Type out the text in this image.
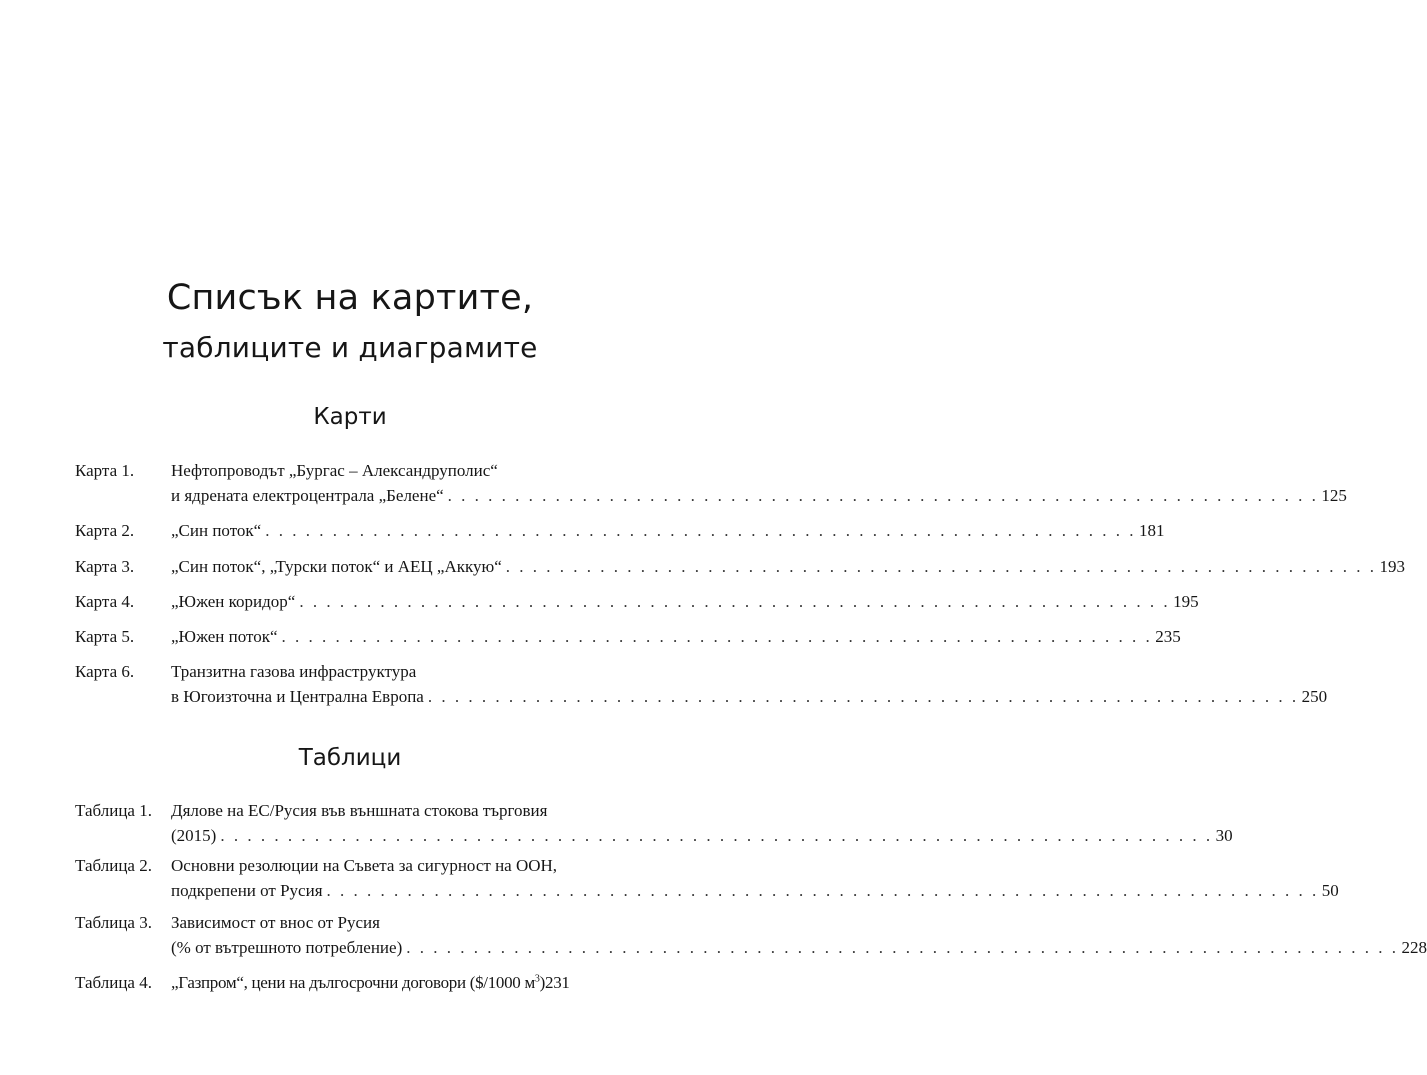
Списък на картите,
таблиците и диаграмите
Карти
Карта 1. Нефтопроводът „Бургас – Александруполис“
и ядрената електроцентрала „Белене“ . . . . . . . . . . . . . . . . . . . . . . . . . . . . . . . . . . . . . . . . . . . . . . . . . . . . . . . . . . . . . . . . . 125
Карта 2. „Син поток“ . . . . . . . . . . . . . . . . . . . . . . . . . . . . . . . . . . . . . . . . . . . . . . . . . . . . . . . . . . . . . . . . . 181
Карта 3. „Син поток“, „Турски поток“ и АЕЦ „Аккую“ . . . . . . . . . . . . . . . . . . . . . . . . . . . . . . . . . . . . . . . . . . . . . . . . . . . . . . . . . . . . . . . . . 193
Карта 4. „Южен коридор“ . . . . . . . . . . . . . . . . . . . . . . . . . . . . . . . . . . . . . . . . . . . . . . . . . . . . . . . . . . . . . . . . . 195
Карта 5. „Южен поток“ . . . . . . . . . . . . . . . . . . . . . . . . . . . . . . . . . . . . . . . . . . . . . . . . . . . . . . . . . . . . . . . . . 235
Карта 6. Транзитна газова инфраструктура
в Югоизточна и Централна Европа . . . . . . . . . . . . . . . . . . . . . . . . . . . . . . . . . . . . . . . . . . . . . . . . . . . . . . . . . . . . . . . . . 250
Таблици
Таблица 1. Дялове на ЕС/Русия във външната стокова търговия
(2015) . . . . . . . . . . . . . . . . . . . . . . . . . . . . . . . . . . . . . . . . . . . . . . . . . . . . . . . . . . . . . . . . . . . . . . . . . . 30
Таблица 2. Основни резолюции на Съвета за сигурност на ООН,
подкрепени от Русия . . . . . . . . . . . . . . . . . . . . . . . . . . . . . . . . . . . . . . . . . . . . . . . . . . . . . . . . . . . . . . . . . . . . . . . . . . 50
Таблица 3. Зависимост от внос от Русия
(% от вътрешното потребление) . . . . . . . . . . . . . . . . . . . . . . . . . . . . . . . . . . . . . . . . . . . . . . . . . . . . . . . . . . . . . . . . . . . . . . . . . . 228
Таблица 4. „Газпром“, цени на дългосрочни договори ($/1000 $м^3)231$
